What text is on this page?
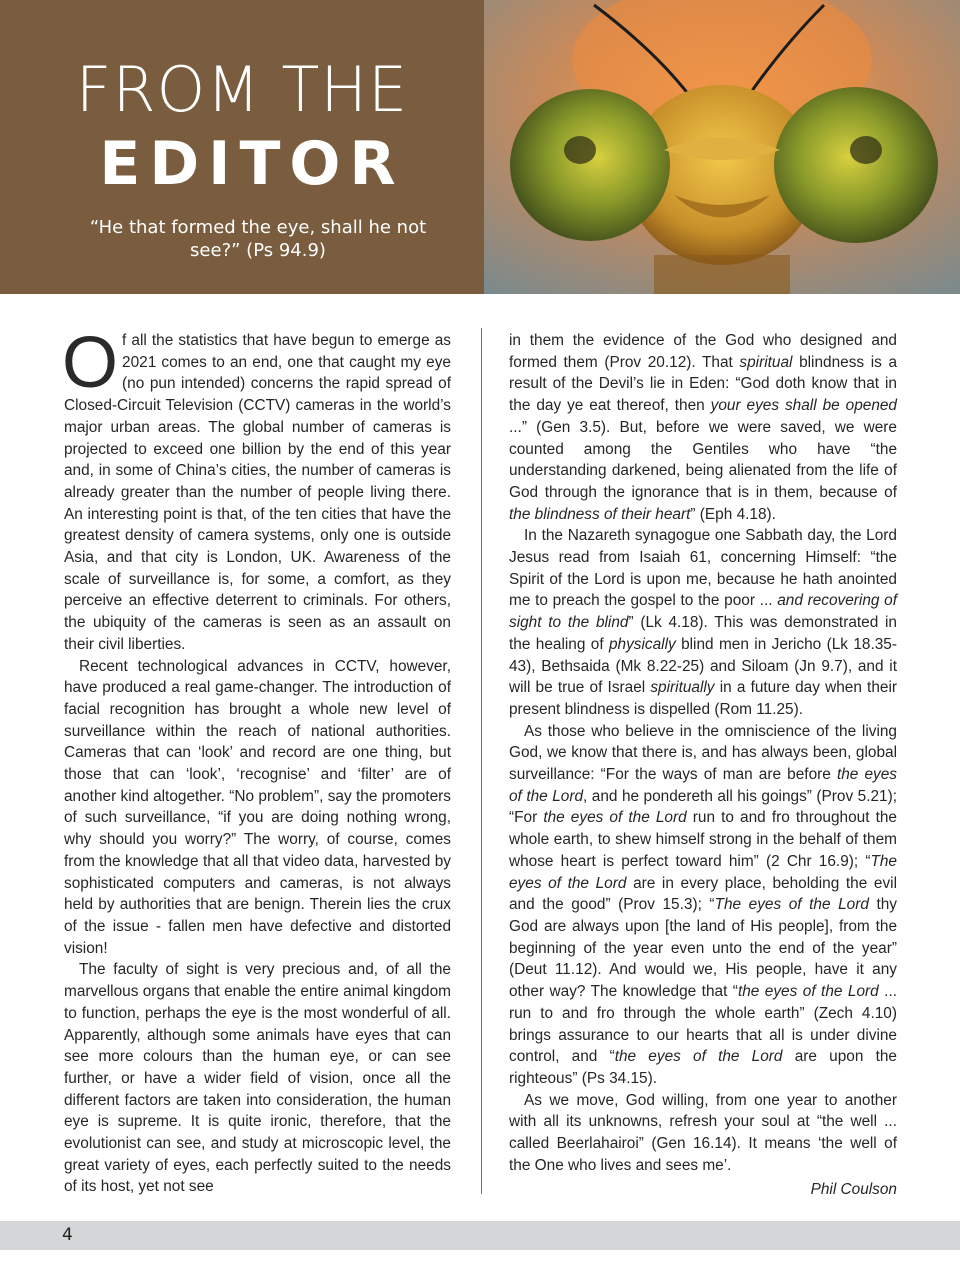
FROM THE
EDITOR
“He that formed the eye, shall he not see?” (Ps 94.9)

Of all the statistics that have begun to emerge as 2021 comes to an end, one that caught my eye (no pun intended) concerns the rapid spread of Closed-Circuit Television (CCTV) cameras in the world’s major urban areas. The global number of cameras is projected to exceed one billion by the end of this year and, in some of China’s cities, the number of cameras is already greater than the number of people living there. An interesting point is that, of the ten cities that have the greatest density of camera systems, only one is outside Asia, and that city is London, UK. Awareness of the scale of surveillance is, for some, a comfort, as they perceive an effective deterrent to criminals. For others, the ubiquity of the cameras is seen as an assault on their civil liberties.

Recent technological advances in CCTV, however, have produced a real game-changer. The introduction of facial recognition has brought a whole new level of surveillance within the reach of national authorities. Cameras that can ‘look’ and record are one thing, but those that can ‘look’, ‘recognise’ and ‘filter’ are of another kind altogether. “No problem”, say the promoters of such surveillance, “if you are doing nothing wrong, why should you worry?” The worry, of course, comes from the knowledge that all that video data, harvested by sophisticated computers and cameras, is not always held by authorities that are benign. Therein lies the crux of the issue - fallen men have defective and distorted vision!

The faculty of sight is very precious and, of all the marvellous organs that enable the entire animal kingdom to function, perhaps the eye is the most wonderful of all. Apparently, although some animals have eyes that can see more colours than the human eye, or can see further, or have a wider field of vision, once all the different factors are taken into consideration, the human eye is supreme. It is quite ironic, therefore, that the evolutionist can see, and study at microscopic level, the great variety of eyes, each perfectly suited to the needs of its host, yet not see

in them the evidence of the God who designed and formed them (Prov 20.12). That spiritual blindness is a result of the Devil’s lie in Eden: “God doth know that in the day ye eat thereof, then your eyes shall be opened ...” (Gen 3.5). But, before we were saved, we were counted among the Gentiles who have “the understanding darkened, being alienated from the life of God through the ignorance that is in them, because of the blindness of their heart” (Eph 4.18).

In the Nazareth synagogue one Sabbath day, the Lord Jesus read from Isaiah 61, concerning Himself: “the Spirit of the Lord is upon me, because he hath anointed me to preach the gospel to the poor ... and recovering of sight to the blind” (Lk 4.18). This was demonstrated in the healing of physically blind men in Jericho (Lk 18.35-43), Bethsaida (Mk 8.22-25) and Siloam (Jn 9.7), and it will be true of Israel spiritually in a future day when their present blindness is dispelled (Rom 11.25).

As those who believe in the omniscience of the living God, we know that there is, and has always been, global surveillance: “For the ways of man are before the eyes of the Lord, and he pondereth all his goings” (Prov 5.21); “For the eyes of the Lord run to and fro throughout the whole earth, to shew himself strong in the behalf of them whose heart is perfect toward him” (2 Chr 16.9); “The eyes of the Lord are in every place, beholding the evil and the good” (Prov 15.3); “The eyes of the Lord thy God are always upon [the land of His people], from the beginning of the year even unto the end of the year” (Deut 11.12). And would we, His people, have it any other way? The knowledge that “the eyes of the Lord ... run to and fro through the whole earth” (Zech 4.10) brings assurance to our hearts that all is under divine control, and “the eyes of the Lord are upon the righteous” (Ps 34.15).

As we move, God willing, from one year to another with all its unknowns, refresh your soul at “the well ... called Beerlahairoi” (Gen 16.14). It means ‘the well of the One who lives and sees me’.

Phil Coulson
4
